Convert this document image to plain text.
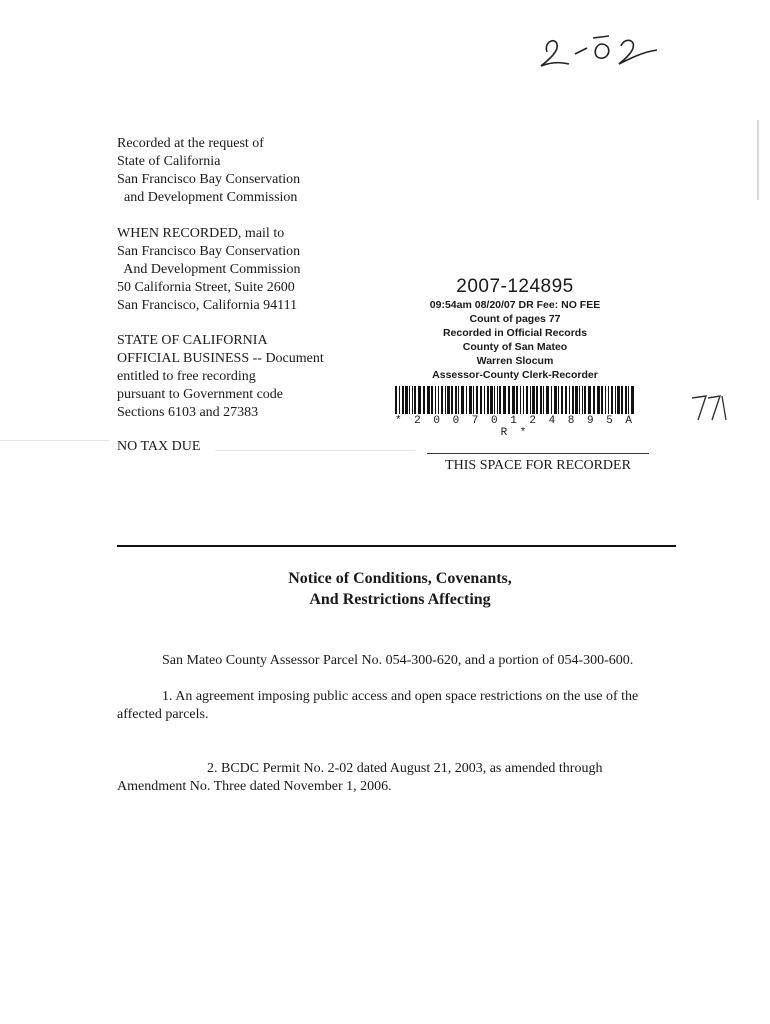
2-02
77
Recorded at the request of
State of California
San Francisco Bay Conservation
and Development Commission
WHEN RECORDED, mail to
San Francisco Bay Conservation
And Development Commission
50 California Street, Suite 2600
San Francisco, California 94111
STATE OF CALIFORNIA
OFFICIAL BUSINESS -- Document
entitled to free recording
pursuant to Government code
Sections 6103 and 27383
NO TAX DUE
2007-124895
09:54am 08/20/07 DR Fee: NO FEE
Count of pages 77
Recorded in Official Records
County of San Mateo
Warren Slocum
Assessor-County Clerk-Recorder
* 2 0 0 7 0 1 2 4 8 9 5 A R *
THIS SPACE FOR RECORDER
Notice of Conditions, Covenants,
And Restrictions Affecting
San Mateo County Assessor Parcel No. 054-300-620, and a portion of 054-300-600.
1. An agreement imposing public access and open space restrictions on the use of the
affected parcels.
2. BCDC Permit No. 2-02 dated August 21, 2003, as amended through
Amendment No. Three dated November 1, 2006.
